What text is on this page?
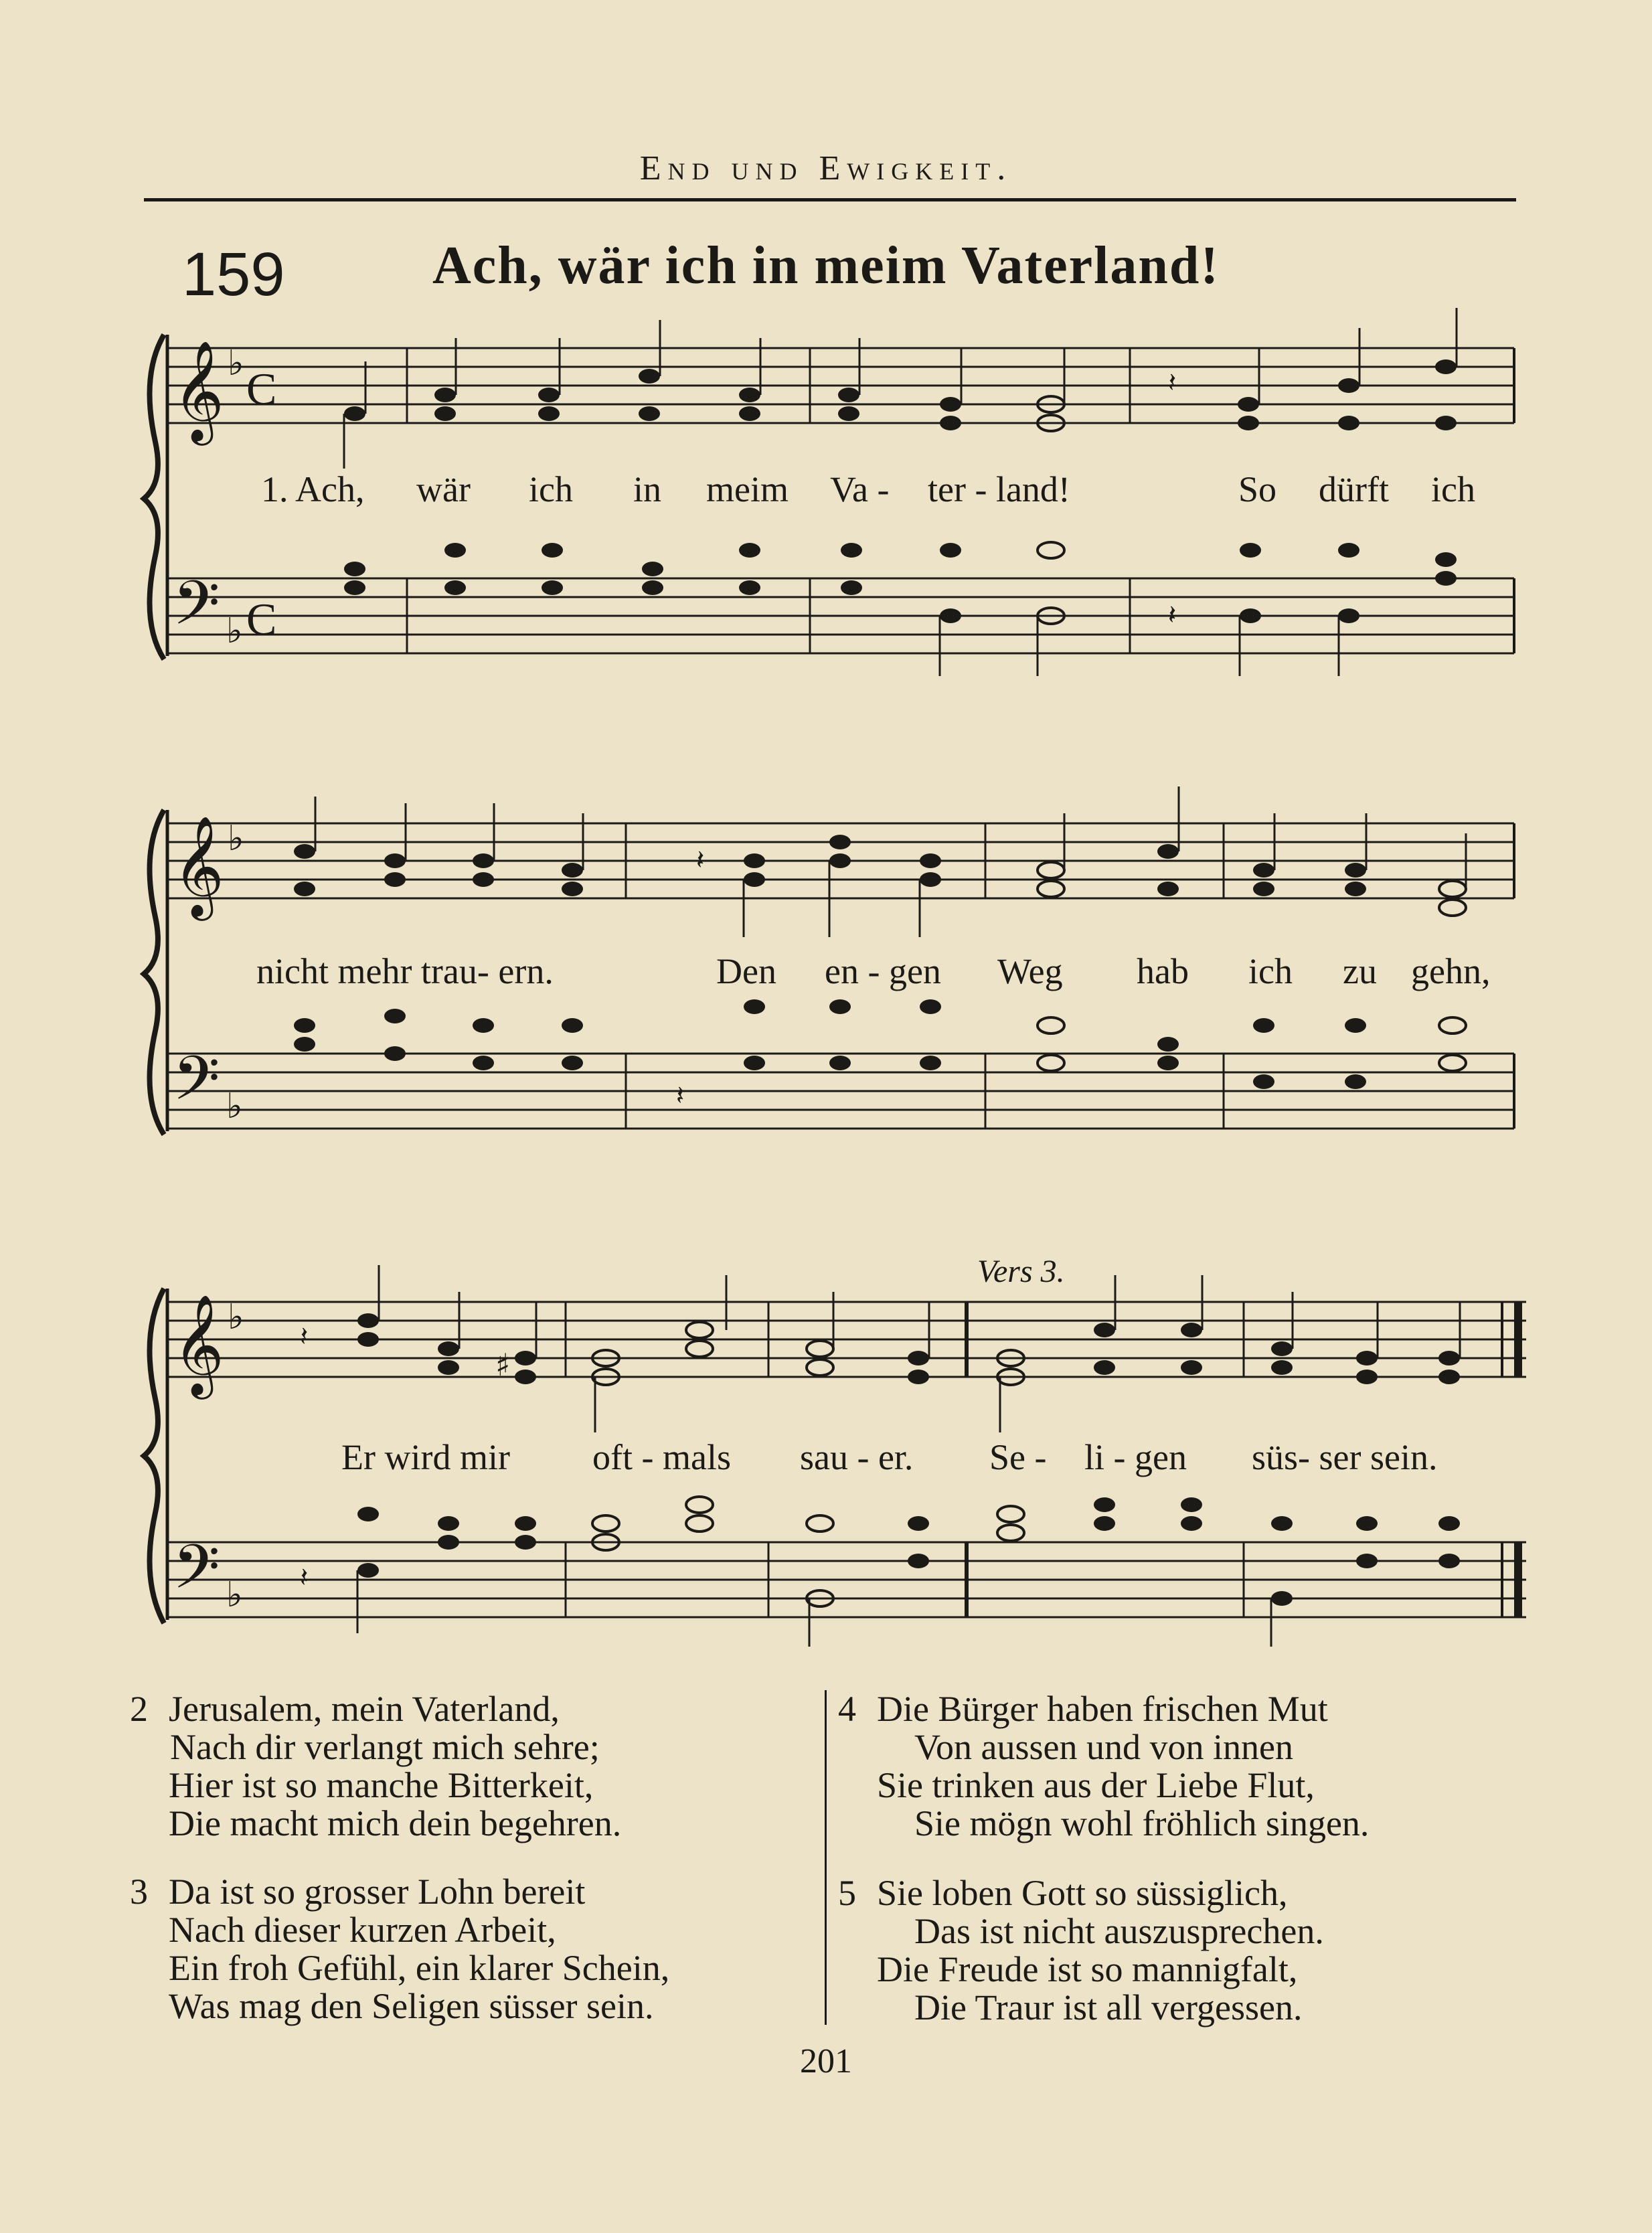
End und Ewigkeit.
159	Ach, wär ich in meim Vaterland!
𝄞 ♭ C
𝄢 ♭ C
𝄽
𝄽
1. Ach, wär ich in meim Va - ter - land!	So dürft ich
𝄞 ♭
𝄢 ♭
𝄽
𝄽
nicht mehr trau- ern.	Den en - gen Weg hab ich zu gehn,
Vers 3.
𝄞 ♭
𝄢 ♭
𝄽
𝄽
♯
Er wird mir oft - mals sau - er. Se - li - gen süs- ser sein.
2 Jerusalem, mein Vaterland,
Nach dir verlangt mich sehre;
Hier ist so manche Bitterkeit,
Die macht mich dein begehren.
3 Da ist so grosser Lohn bereit
Nach dieser kurzen Arbeit,
Ein froh Gefühl, ein klarer Schein,
Was mag den Seligen süsser sein.
4 Die Bürger haben frischen Mut
Von aussen und von innen
Sie trinken aus der Liebe Flut,
Sie mögn wohl fröhlich singen.
5 Sie loben Gott so süssiglich,
Das ist nicht auszusprechen.
Die Freude ist so mannigfalt,
Die Traur ist all vergessen.
201
